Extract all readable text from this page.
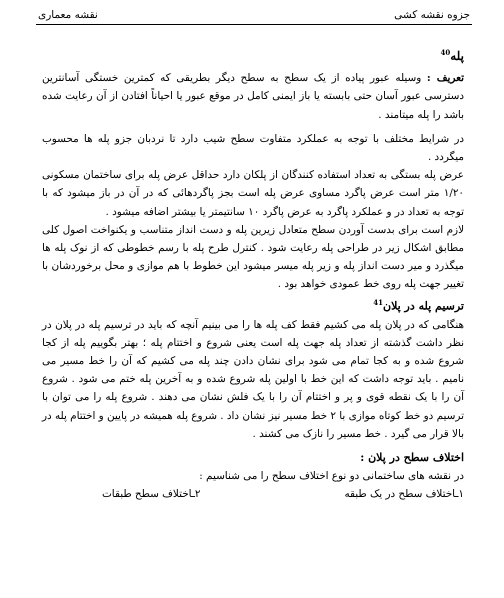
جزوه نقشه کشی
نقشه معماری

پله$^{40}$

تعریف : وسیله عبور پیاده از یک سطح به سطح دیگر بطریقی که کمترین خستگی آسانترین دسترسی عبور آسان حتی بابسته یا باز ایمنی کامل در موقع عبور یا احیاناً افتادن از آن رعایت شده باشد را پله میتامند .

در شرایط مختلف با توجه به عملکرد متفاوت سطح شیب دارد تا نردبان جزو پله ها محسوب میگردد .

عرض پله بستگی به تعداد استفاده کنندگان از پلکان دارد حداقل عرض پله برای ساختمان مسکونی ۱/۲۰ متر است عرض پاگرد مساوی عرض پله است بجز پاگردهائی که در آن در باز میشود که با توجه به تعداد در و عملکرد پاگرد به عرض پاگرد ۱۰ سانتیمتر یا بیشتر اضافه میشود .

لازم است برای بدست آوردن سطح متعادل زیرین پله و دست انداز متناسب و یکنواخت اصول کلی مطابق اشکال زیر در طراحی پله رعایت شود . کنترل طرح پله با رسم خطوطی که از نوک پله ها میگذرد و میر دست انداز پله و زیر پله میسر میشود این خطوط با هم موازی و محل برخوردشان با تغییر جهت پله روی خط عمودی خواهد بود .

ترسیم پله در پلان$^{41}$

هنگامی که در پلان پله می کشیم فقط کف پله ها را می بینیم آنچه که باید در ترسیم پله در پلان در نظر داشت گذشته از تعداد پله جهت پله است یعنی شروع و اختتام پله ؛ بهتر بگوییم پله از کجا شروع شده و به کجا تمام می شود برای نشان دادن چند پله می کشیم که آن را خط مسیر می نامیم . باید توجه داشت که این خط با اولین پله شروع شده و به آخرین پله ختم می شود . شروع آن را با یک نقطه قوی و پر و اختتام آن را با یک فلش نشان می دهند . شروع پله را می توان با ترسیم دو خط کوتاه موازی با ۲ خط مسیر نیز نشان داد . شروع پله همیشه در پایین و اختتام پله در بالا قرار می گیرد . خط مسیر را نازک می کشند .

اختلاف سطح در پلان :

در نقشه های ساختمانی دو نوع اختلاف سطح را می شناسیم :

۱ـاختلاف سطح در یک طبقه
۲ـاختلاف سطح طبقات
